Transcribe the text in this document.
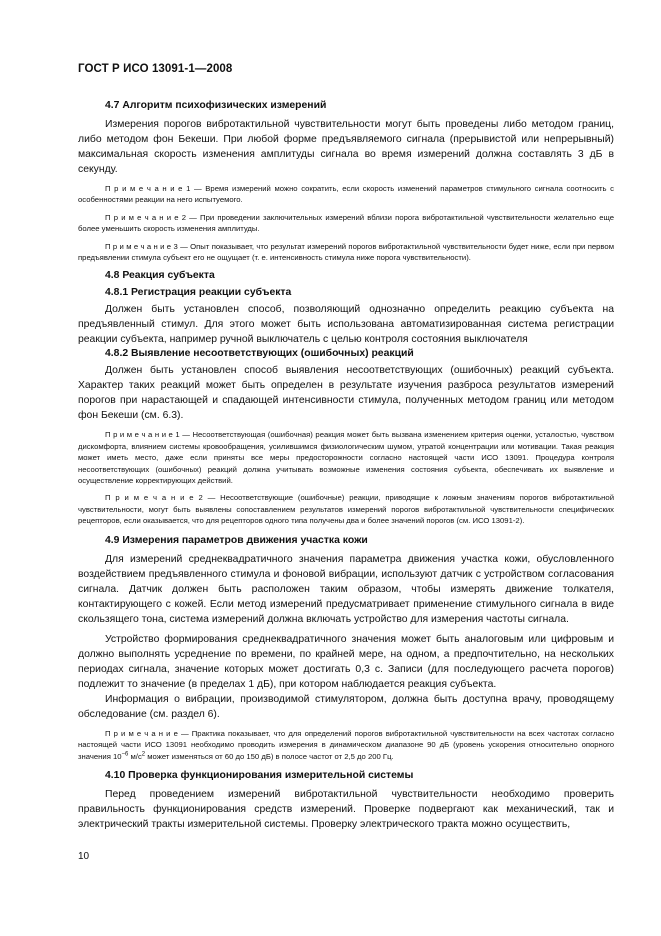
ГОСТ Р ИСО 13091-1—2008
4.7 Алгоритм психофизических измерений

Измерения порогов вибротактильной чувствительности могут быть проведены либо методом границ, либо методом фон Бекеши. При любой форме предъявляемого сигнала (прерывистой или непрерывный) максимальная скорость изменения амплитуды сигнала во время измерений должна составлять 3 дБ в секунду.

П р и м е ч а н и е 1 — Время измерений можно сократить, если скорость изменений параметров стимульного сигнала соотносить с особенностями реакции на него испытуемого.

П р и м е ч а н и е 2 — При проведении заключительных измерений вблизи порога вибротактильной чувствительности желательно еще более уменьшить скорость изменения амплитуды.

П р и м е ч а н и е 3 — Опыт показывает, что результат измерений порогов вибротактильной чувствительности будет ниже, если при первом предъявлении стимула субъект его не ощущает (т. е. интенсивность стимула ниже порога чувствительности).

4.8 Реакция субъекта
4.8.1 Регистрация реакции субъекта

Должен быть установлен способ, позволяющий однозначно определить реакцию субъекта на предъявленный стимул. Для этого может быть использована автоматизированная система регистрации реакции субъекта, например ручной выключатель с целью контроля состояния выключателя

4.8.2 Выявление несоответствующих (ошибочных) реакций

Должен быть установлен способ выявления несоответствующих (ошибочных) реакций субъекта. Характер таких реакций может быть определен в результате изучения разброса результатов измерений порогов при нарастающей и спадающей интенсивности стимула, полученных методом границ или методом фон Бекеши (см. 6.3).

П р и м е ч а н и е 1 — Несоответствующая (ошибочная) реакция может быть вызвана изменением критерия оценки, усталостью, чувством дискомфорта, влиянием системы кровообращения, усилившимся физиологическим шумом, утратой концентрации или мотивации. Такая реакция может иметь место, даже если приняты все меры предосторожности согласно настоящей части ИСО 13091. Процедура контроля несоответствующих (ошибочных) реакций должна учитывать возможные изменения состояния субъекта, обеспечивать их выявление и осуществление корректирующих действий.

П р и м е ч а н и е 2 — Несоответствующие (ошибочные) реакции, приводящие к ложным значениям порогов вибротактильной чувствительности, могут быть выявлены сопоставлением результатов измерений порогов вибротактильной чувствительности специфических рецепторов, если оказывается, что для рецепторов одного типа получены два и более значений порогов (см. ИСО 13091-2).

4.9 Измерения параметров движения участка кожи

Для измерений среднеквадратичного значения параметра движения участка кожи, обусловленного воздействием предъявленного стимула и фоновой вибрации, используют датчик с устройством согласования сигнала. Датчик должен быть расположен таким образом, чтобы измерять движение толкателя, контактирующего с кожей. Если метод измерений предусматривает применение стимульного сигнала в виде скользящего тона, система измерений должна включать устройство для измерения частоты сигнала.

Устройство формирования среднеквадратичного значения может быть аналоговым или цифровым и должно выполнять усреднение по времени, по крайней мере, на одном, а предпочтительно, на нескольких периодах сигнала, значение которых может достигать 0,3 с. Записи (для последующего расчета порогов) подлежит то значение (в пределах 1 дБ), при котором наблюдается реакция субъекта.

Информация о вибрации, производимой стимулятором, должна быть доступна врачу, проводящему обследование (см. раздел 6).

П р и м е ч а н и е — Практика показывает, что для определений порогов вибротактильной чувствительности на всех частотах согласно настоящей части ИСО 13091 необходимо проводить измерения в динамическом диапазоне 90 дБ (уровень ускорения относительно опорного значения $10^{-6}$ $м/с^2$ может изменяться от 60 до 150 дБ) в полосе частот от 2,5 до 200 Гц.

4.10 Проверка функционирования измерительной системы

Перед проведением измерений вибротактильной чувствительности необходимо проверить правильность функционирования средств измерений. Проверке подвергают как механический, так и электрический тракты измерительной системы. Проверку электрического тракта можно осуществить,

10
